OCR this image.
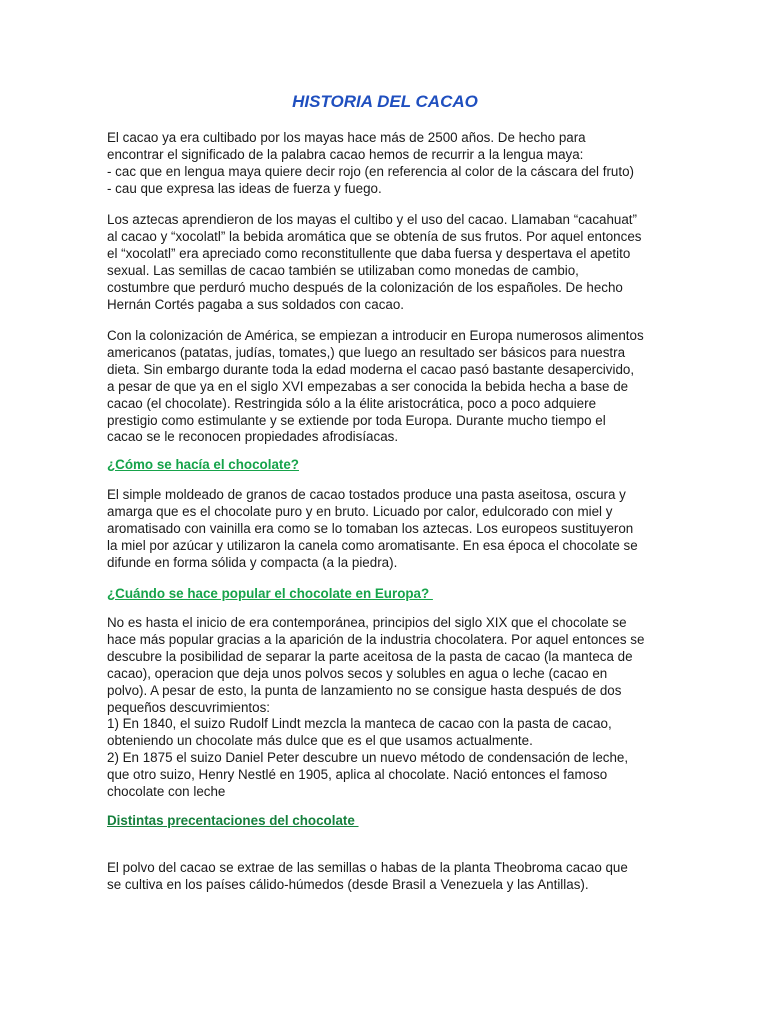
HISTORIA DEL CACAO

El cacao ya era cultibado por los mayas hace más de 2500 años. De hecho para
encontrar el significado de la palabra cacao hemos de recurrir a la lengua maya:
- cac que en lengua maya quiere decir rojo (en referencia al color de la cáscara del fruto)
- cau que expresa las ideas de fuerza y fuego.

Los aztecas aprendieron de los mayas el cultibo y el uso del cacao. Llamaban “cacahuat”
al cacao y “xocolatl” la bebida aromática que se obtenía de sus frutos. Por aquel entonces
el “xocolatl” era apreciado como reconstitullente que daba fuersa y despertava el apetito
sexual. Las semillas de cacao también se utilizaban como monedas de cambio,
costumbre que perduró mucho después de la colonización de los españoles. De hecho
Hernán Cortés pagaba a sus soldados con cacao.

Con la colonización de América, se empiezan a introducir en Europa numerosos alimentos
americanos (patatas, judías, tomates,) que luego an resultado ser básicos para nuestra
dieta. Sin embargo durante toda la edad moderna el cacao pasó bastante desapercivido,
a pesar de que ya en el siglo XVI empezabas a ser conocida la bebida hecha a base de
cacao (el chocolate). Restringida sólo a la élite aristocrática, poco a poco adquiere
prestigio como estimulante y se extiende por toda Europa. Durante mucho tiempo el
cacao se le reconocen propiedades afrodisíacas.

¿Cómo se hacía el chocolate?

El simple moldeado de granos de cacao tostados produce una pasta aseitosa, oscura y
amarga que es el chocolate puro y en bruto. Licuado por calor, edulcorado con miel y
aromatisado con vainilla era como se lo tomaban los aztecas. Los europeos sustituyeron
la miel por azúcar y utilizaron la canela como aromatisante. En esa época el chocolate se
difunde en forma sólida y compacta (a la piedra).

¿Cuándo se hace popular el chocolate en Europa?

No es hasta el inicio de era contemporánea, principios del siglo XIX que el chocolate se
hace más popular gracias a la aparición de la industria chocolatera. Por aquel entonces se
descubre la posibilidad de separar la parte aceitosa de la pasta de cacao (la manteca de
cacao), operacion que deja unos polvos secos y solubles en agua o leche (cacao en
polvo). A pesar de esto, la punta de lanzamiento no se consigue hasta después de dos
pequeños descuvrimientos:
1) En 1840, el suizo Rudolf Lindt mezcla la manteca de cacao con la pasta de cacao,
obteniendo un chocolate más dulce que es el que usamos actualmente.
2) En 1875 el suizo Daniel Peter descubre un nuevo método de condensación de leche,
que otro suizo, Henry Nestlé en 1905, aplica al chocolate. Nació entonces el famoso
chocolate con leche

Distintas precentaciones del chocolate

El polvo del cacao se extrae de las semillas o habas de la planta Theobroma cacao que
se cultiva en los países cálido-húmedos (desde Brasil a Venezuela y las Antillas).
